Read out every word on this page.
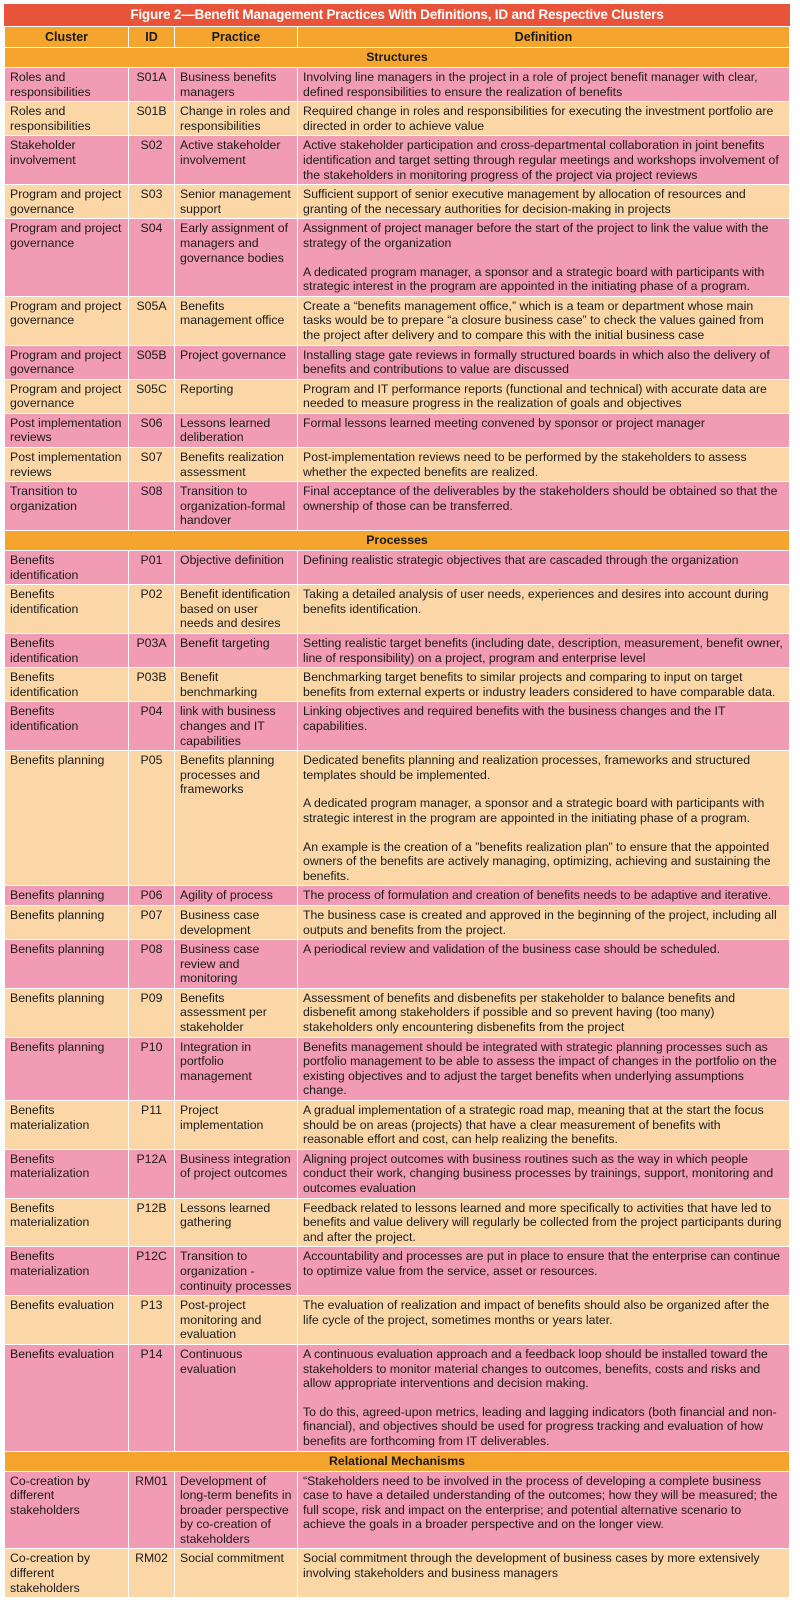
Figure 2—Benefit Management Practices With Definitions, ID and Respective Clusters
Cluster	ID	Practice	Definition
Structures			
Roles and responsibilities	S01A	Business benefits managers	Involving line managers in the project in a role of project benefit manager with clear, defined responsibilities to ensure the realization of benefits

Roles and responsibilities	S01B	Change in roles and responsibilities	Required change in roles and responsibilities for executing the investment portfolio are directed in order to achieve value

Stakeholder involvement	S02	Active stakeholder involvement	Active stakeholder participation and cross-departmental collaboration in joint benefits identification and target setting through regular meetings and workshops involvement of the stakeholders in monitoring progress of the project via project reviews

Program and project governance	S03	Senior management support	Sufficient support of senior executive management by allocation of resources and granting of the necessary authorities for decision-making in projects

Program and project governance	S04	Early assignment of managers and governance bodies	Assignment of project manager before the start of the project to link the value with the strategy of the organization

A dedicated program manager, a sponsor and a strategic board with participants with strategic interest in the program are appointed in the initiating phase of a program.

Program and project governance	S05A	Benefits management office	Create a “benefits management office,” which is a team or department whose main tasks would be to prepare “a closure business case” to check the values gained from the project after delivery and to compare this with the initial business case

Program and project governance	S05B	Project governance	Installing stage gate reviews in formally structured boards in which also the delivery of benefits and contributions to value are discussed

Program and project governance	S05C	Reporting	Program and IT performance reports (functional and technical) with accurate data are needed to measure progress in the realization of goals and objectives

Post implementation reviews	S06	Lessons learned deliberation	Formal lessons learned meeting convened by sponsor or project manager

Post implementation reviews	S07	Benefits realization assessment	Post-implementation reviews need to be performed by the stakeholders to assess whether the expected benefits are realized.

Transition to organization	S08	Transition to organization-formal handover	Final acceptance of the deliverables by the stakeholders should be obtained so that the ownership of those can be transferred.

Processes			
Benefits identification	P01	Objective definition	Defining realistic strategic objectives that are cascaded through the organization

Benefits identification	P02	Benefit identification based on user needs and desires	Taking a detailed analysis of user needs, experiences and desires into account during benefits identification.

Benefits identification	P03A	Benefit targeting	Setting realistic target benefits (including date, description, measurement, benefit owner, line of responsibility) on a project, program and enterprise level

Benefits identification	P03B	Benefit benchmarking	Benchmarking target benefits to similar projects and comparing to input on target benefits from external experts or industry leaders considered to have comparable data.

Benefits identification	P04	link with business changes and IT capabilities	Linking objectives and required benefits with the business changes and the IT capabilities.

Benefits planning	P05	Benefits planning processes and frameworks	Dedicated benefits planning and realization processes, frameworks and structured templates should be implemented.

A dedicated program manager, a sponsor and a strategic board with participants with strategic interest in the program are appointed in the initiating phase of a program.

An example is the creation of a ”benefits realization plan” to ensure that the appointed owners of the benefits are actively managing, optimizing, achieving and sustaining the benefits.

Benefits planning	P06	Agility of process	The process of formulation and creation of benefits needs to be adaptive and iterative.

Benefits planning	P07	Business case development	The business case is created and approved in the beginning of the project, including all outputs and benefits from the project.

Benefits planning	P08	Business case review and monitoring	A periodical review and validation of the business case should be scheduled.

Benefits planning	P09	Benefits assessment per stakeholder	Assessment of benefits and disbenefits per stakeholder to balance benefits and disbenefit among stakeholders if possible and so prevent having (too many) stakeholders only encountering disbenefits from the project

Benefits planning	P10	Integration in portfolio management	Benefits management should be integrated with strategic planning processes such as portfolio management to be able to assess the impact of changes in the portfolio on the existing objectives and to adjust the target benefits when underlying assumptions change.

Benefits materialization	P11	Project implementation	A gradual implementation of a strategic road map, meaning that at the start the focus should be on areas (projects) that have a clear measurement of benefits with reasonable effort and cost, can help realizing the benefits.

Benefits materialization	P12A	Business integration of project outcomes	Aligning project outcomes with business routines such as the way in which people conduct their work, changing business processes by trainings, support, monitoring and outcomes evaluation

Benefits materialization	P12B	Lessons learned gathering	Feedback related to lessons learned and more specifically to activities that have led to benefits and value delivery will regularly be collected from the project participants during and after the project.

Benefits materialization	P12C	Transition to organization - continuity processes	Accountability and processes are put in place to ensure that the enterprise can continue to optimize value from the service, asset or resources.

Benefits evaluation	P13	Post-project monitoring and evaluation	The evaluation of realization and impact of benefits should also be organized after the life cycle of the project, sometimes months or years later.

Benefits evaluation	P14	Continuous evaluation	A continuous evaluation approach and a feedback loop should be installed toward the stakeholders to monitor material changes to outcomes, benefits, costs and risks and allow appropriate interventions and decision making.

To do this, agreed-upon metrics, leading and lagging indicators (both financial and non-financial), and objectives should be used for progress tracking and evaluation of how benefits are forthcoming from IT deliverables.

Relational Mechanisms			
Co-creation by different stakeholders	RM01	Development of long-term benefits in broader perspective by co-creation of stakeholders	“Stakeholders need to be involved in the process of developing a complete business case to have a detailed understanding of the outcomes; how they will be measured; the full scope, risk and impact on the enterprise; and potential alternative scenario to achieve the goals in a broader perspective and on the longer view.

Co-creation by different stakeholders	RM02	Social commitment	Social commitment through the development of business cases by more extensively involving stakeholders and business managers
